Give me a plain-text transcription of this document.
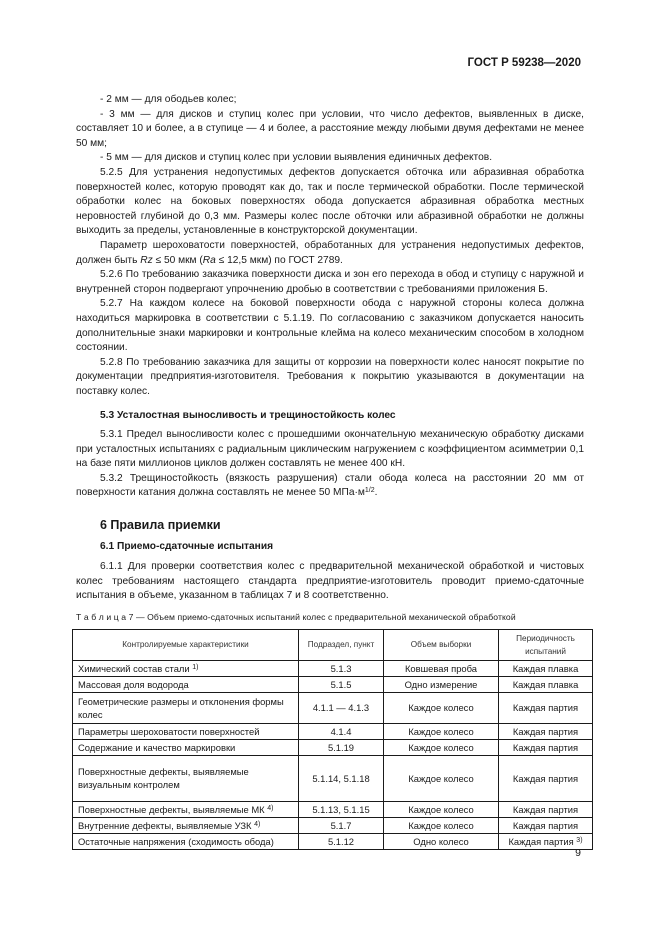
ГОСТ Р 59238—2020

- 2 мм — для ободьев колес;

- 3 мм — для дисков и ступиц колес при условии, что число дефектов, выявленных в диске, составляет 10 и более, а в ступице — 4 и более, а расстояние между любыми двумя дефектами не менее 50 мм;

- 5 мм — для дисков и ступиц колес при условии выявления единичных дефектов.

5.2.5 Для устранения недопустимых дефектов допускается обточка или абразивная обработка поверхностей колес, которую проводят как до, так и после термической обработки. После термической обработки колес на боковых поверхностях обода допускается абразивная обработка местных неровностей глубиной до 0,3 мм. Размеры колес после обточки или абразивной обработки не должны выходить за пределы, установленные в конструкторской документации.

Параметр шероховатости поверхностей, обработанных для устранения недопустимых дефектов, должен быть Rz ≤ 50 мкм (Ra ≤ 12,5 мкм) по ГОСТ 2789.

5.2.6 По требованию заказчика поверхности диска и зон его перехода в обод и ступицу с наружной и внутренней сторон подвергают упрочнению дробью в соответствии с требованиями приложения Б.

5.2.7 На каждом колесе на боковой поверхности обода с наружной стороны колеса должна находиться маркировка в соответствии с 5.1.19. По согласованию с заказчиком допускается наносить дополнительные знаки маркировки и контрольные клейма на колесо механическим способом в холодном состоянии.

5.2.8 По требованию заказчика для защиты от коррозии на поверхности колес наносят покрытие по документации предприятия-изготовителя. Требования к покрытию указываются в документации на поставку колес.

5.3 Усталостная выносливость и трещиностойкость колес

5.3.1 Предел выносливости колес с прошедшими окончательную механическую обработку дисками при усталостных испытаниях с радиальным циклическим нагружением с коэффициентом асимметрии 0,1 на базе пяти миллионов циклов должен составлять не менее 400 кН.

5.3.2 Трещиностойкость (вязкость разрушения) стали обода колеса на расстоянии 20 мм от поверхности катания должна составлять не менее 50 $МПа\cdot м^{1/2}$.

6 Правила приемки

6.1 Приемо-сдаточные испытания

6.1.1 Для проверки соответствия колес с предварительной механической обработкой и чистовых колес требованиям настоящего стандарта предприятие-изготовитель проводит приемо-сдаточные испытания в объеме, указанном в таблицах 7 и 8 соответственно.

Т а б л и ц а 7 — Объем приемо-сдаточных испытаний колес с предварительной механической обработкой

Контролируемые характеристики	Подраздел, пункт	Объем выборки	Периодичность испытаний
Химический состав стали $^{1)}$	5.1.3	Ковшевая проба	Каждая плавка
Массовая доля водорода	5.1.5	Одно измерение	Каждая плавка
Геометрические размеры и отклонения формы колес	4.1.1 — 4.1.3	Каждое колесо	Каждая партия
Параметры шероховатости поверхностей	4.1.4	Каждое колесо	Каждая партия
Содержание и качество маркировки	5.1.19	Каждое колесо	Каждая партия
Поверхностные дефекты, выявляемые визуальным контролем	5.1.14, 5.1.18	Каждое колесо	Каждая партия
Поверхностные дефекты, выявляемые МК $^{4)}$	5.1.13, 5.1.15	Каждое колесо	Каждая партия
Внутренние дефекты, выявляемые УЗК $^{4)}$	5.1.7	Каждое колесо	Каждая партия
Остаточные напряжения (сходимость обода)	5.1.12	Одно колесо	Каждая партия $^{3)}$
9
